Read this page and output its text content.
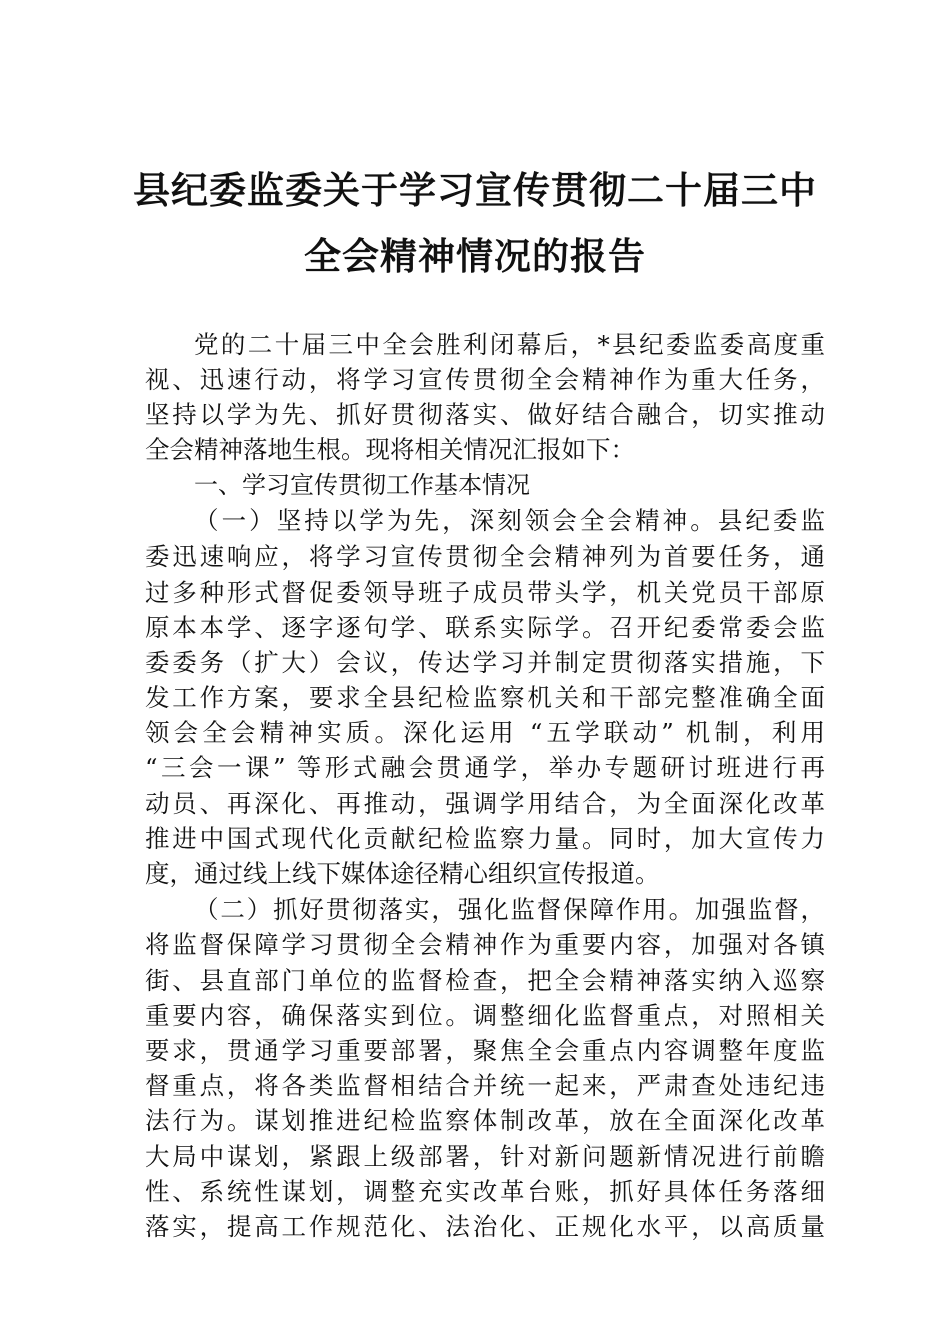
县纪委监委关于学习宣传贯彻二十届三中
全会精神情况的报告
党的二十届三中全会胜利闭幕后，*县纪委监委高度重
视、迅速行动，将学习宣传贯彻全会精神作为重大任务，
坚持以学为先、抓好贯彻落实、做好结合融合，切实推动
全会精神落地生根。现将相关情况汇报如下：
一、学习宣传贯彻工作基本情况
（一）坚持以学为先，深刻领会全会精神。县纪委监
委迅速响应，将学习宣传贯彻全会精神列为首要任务，通
过多种形式督促委领导班子成员带头学，机关党员干部原
原本本学、逐字逐句学、联系实际学。召开纪委常委会监
委委务（扩大）会议，传达学习并制定贯彻落实措施，下
发工作方案，要求全县纪检监察机关和干部完整准确全面
领会全会精神实质。深化运用 “五学联动” 机制，利用
“三会一课” 等形式融会贯通学，举办专题研讨班进行再
动员、再深化、再推动，强调学用结合，为全面深化改革
推进中国式现代化贡献纪检监察力量。同时，加大宣传力
度，通过线上线下媒体途径精心组织宣传报道。
（二）抓好贯彻落实，强化监督保障作用。加强监督，
将监督保障学习贯彻全会精神作为重要内容，加强对各镇
街、县直部门单位的监督检查，把全会精神落实纳入巡察
重要内容，确保落实到位。调整细化监督重点，对照相关
要求，贯通学习重要部署，聚焦全会重点内容调整年度监
督重点，将各类监督相结合并统一起来，严肃查处违纪违
法行为。谋划推进纪检监察体制改革，放在全面深化改革
大局中谋划，紧跟上级部署，针对新问题新情况进行前瞻
性、系统性谋划，调整充实改革台账，抓好具体任务落细
落实，提高工作规范化、法治化、正规化水平，以高质量
